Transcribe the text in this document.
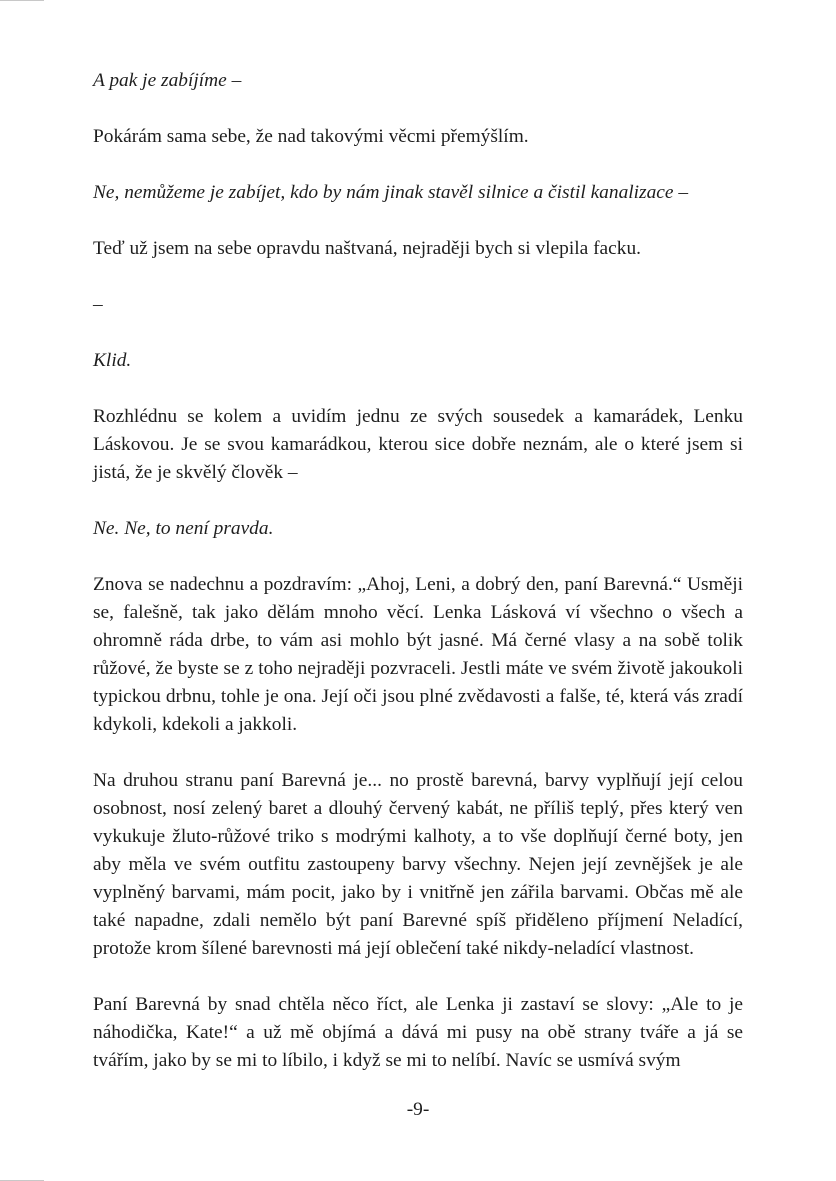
A pak je zabíjíme –

Pokárám sama sebe, že nad takovými věcmi přemýšlím.

Ne, nemůžeme je zabíjet, kdo by nám jinak stavěl silnice a čistil kanalizace –

Teď už jsem na sebe opravdu naštvaná, nejraději bych si vlepila facku.

–

Klid.

Rozhlédnu se kolem a uvidím jednu ze svých sousedek a kamarádek, Lenku Láskovou. Je se svou kamarádkou, kterou sice dobře neznám, ale o které jsem si jistá, že je skvělý člověk –

Ne. Ne, to není pravda.

Znova se nadechnu a pozdravím: „Ahoj, Leni, a dobrý den, paní Barevná.“ Usměji se, falešně, tak jako dělám mnoho věcí. Lenka Lásková ví všechno o všech a ohromně ráda drbe, to vám asi mohlo být jasné. Má černé vlasy a na sobě tolik růžové, že byste se z toho nejraději pozvraceli. Jestli máte ve svém životě jakoukoli typickou drbnu, tohle je ona. Její oči jsou plné zvědavosti a falše, té, která vás zradí kdykoli, kdekoli a jakkoli.

Na druhou stranu paní Barevná je... no prostě barevná, barvy vyplňují její celou osobnost, nosí zelený baret a dlouhý červený kabát, ne příliš teplý, přes který ven vykukuje žluto-růžové triko s modrými kalhoty, a to vše doplňují černé boty, jen aby měla ve svém outfitu zastoupeny barvy všechny. Nejen její zevnějšek je ale vyplněný barvami, mám pocit, jako by i vnitřně jen zářila barvami. Občas mě ale také napadne, zdali nemělo být paní Barevné spíš přiděleno příjmení Neladící, protože krom šílené barevnosti má její oblečení také nikdy-neladící vlastnost.

Paní Barevná by snad chtěla něco říct, ale Lenka ji zastaví se slovy: „Ale to je náhodička, Kate!“ a už mě objímá a dává mi pusy na obě strany tváře a já se tvářím, jako by se mi to líbilo, i když se mi to nelíbí. Navíc se usmívá svým

-9-
